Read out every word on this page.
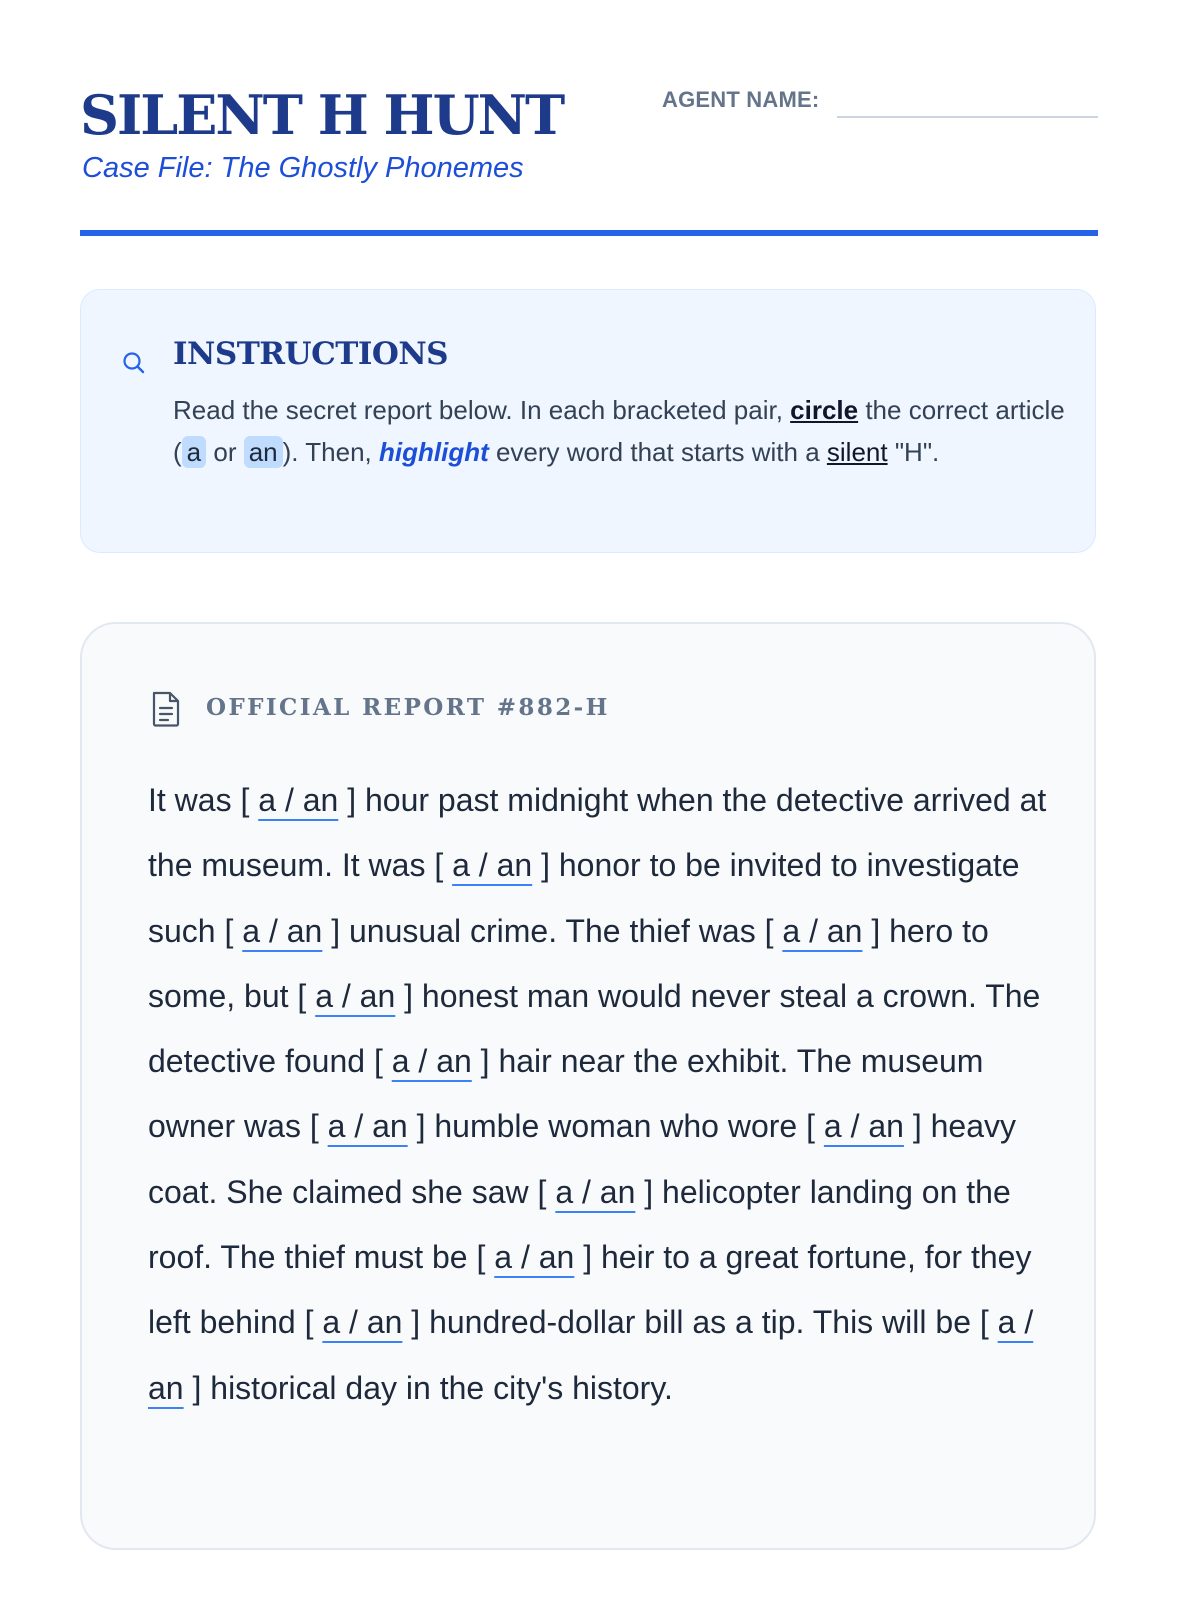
SILENT H HUNT
Case File: The Ghostly Phonemes
AGENT NAME:
INSTRUCTIONS

Read the secret report below. In each bracketed pair, circle the correct article ( a or an ). Then, highlight every word that starts with a silent "H".

OFFICIAL REPORT #882-H

It was [ a / an ] hour past midnight when the detective arrived at the museum. It was [ a / an ] honor to be invited to investigate such [ a / an ] unusual crime. The thief was [ a / an ] hero to some, but [ a / an ] honest man would never steal a crown. The detective found [ a / an ] hair near the exhibit. The museum owner was [ a / an ] humble woman who wore [ a / an ] heavy coat. She claimed she saw [ a / an ] helicopter landing on the roof. The thief must be [ a / an ] heir to a great fortune, for they left behind [ a / an ] hundred-dollar bill as a tip. This will be [ a / an ] historical day in the city's history.
